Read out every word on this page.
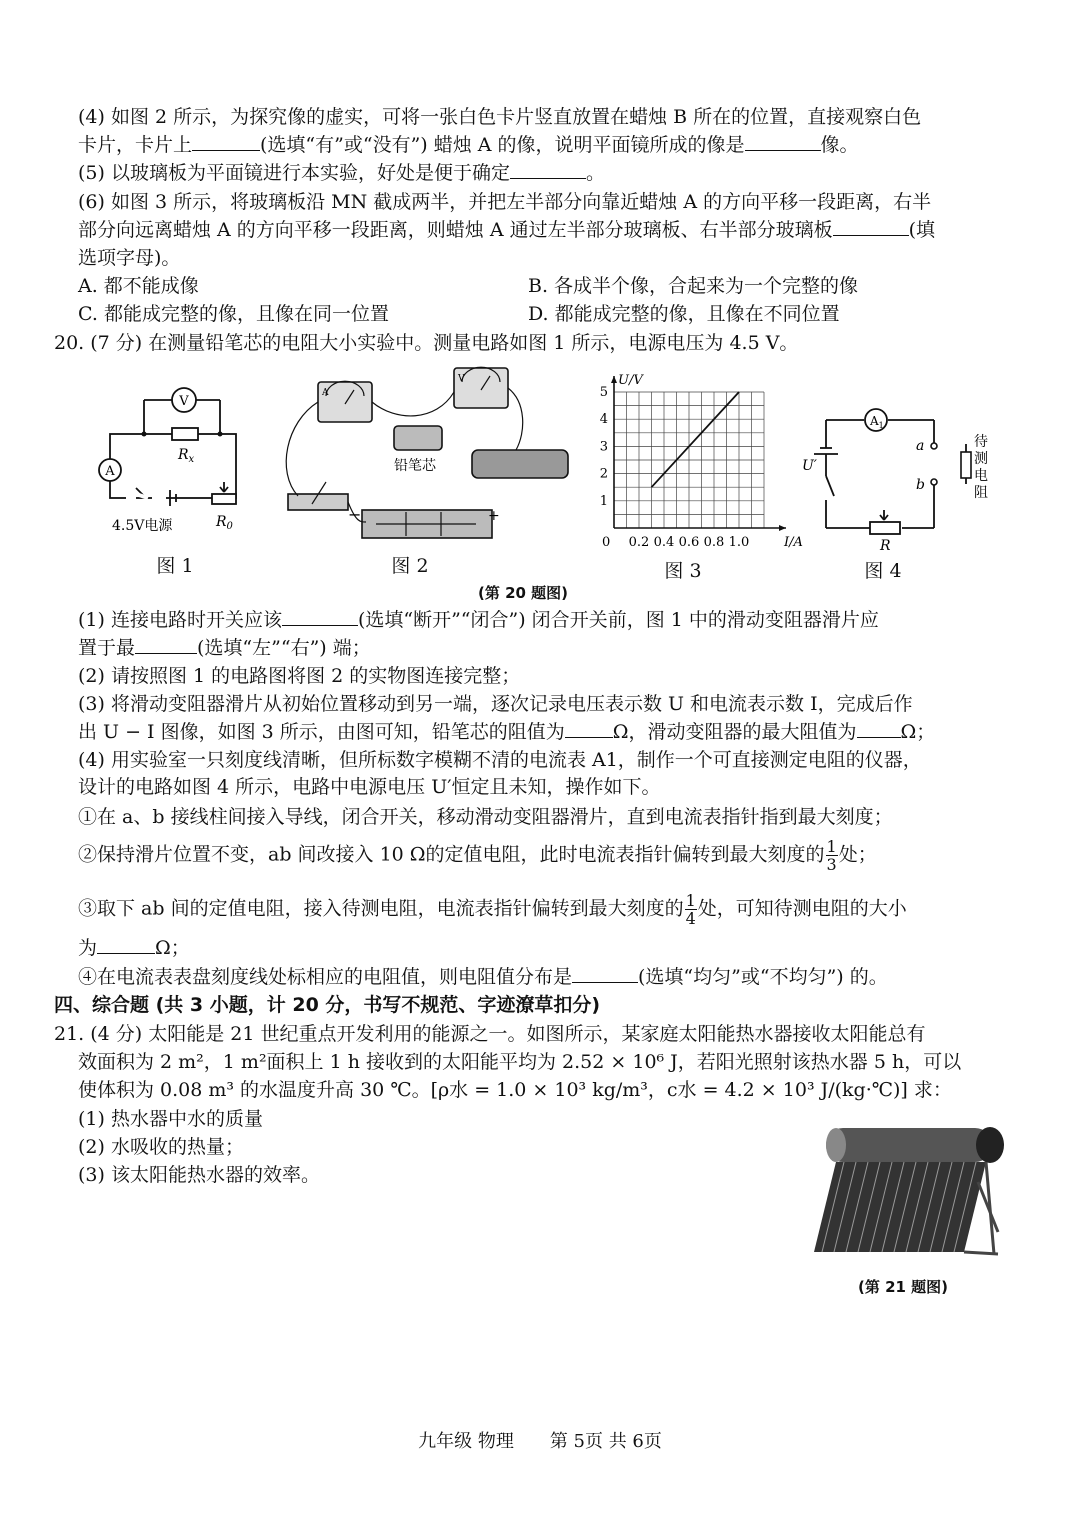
(4) 如图 2 所示，为探究像的虚实，可将一张白色卡片竖直放置在蜡烛 B 所在的位置，直接观察白色
卡片，卡片上	(选填“有”或“没有”) 蜡烛 A 的像，说明平面镜所成的像是	像。
(5) 以玻璃板为平面镜进行本实验，好处是便于确定	。
(6) 如图 3 所示，将玻璃板沿 MN 截成两半，并把左半部分向靠近蜡烛 A 的方向平移一段距离，右半
部分向远离蜡烛 A 的方向平移一段距离，则蜡烛 A 通过左半部分玻璃板、右半部分玻璃板	(填
选项字母)。
A. 都不能成像	B. 各成半个像，合起来为一个完整的像
C. 都能成完整的像，且像在同一位置	D. 都能成完整的像，且像在不同位置
20. (7 分) 在测量铅笔芯的电阻大小实验中。测量电路如图 1 所示，电源电压为 4.5 V。
V
A
$R_x$
4.5V电源	$R_0$
图 1
A
V
铅笔芯
−	+
图 2
0 0.2 0.4 0.6 0.8 1.0
1
2
3
4
5
I/A
U/V
图 3
$A_1$
a
b
U′
R
待测电阻
图 4
(第 20 题图)
(1) 连接电路时开关应该	(选填“断开”“闭合”) 闭合开关前，图 1 中的滑动变阻器滑片应
置于最	(选填“左”“右”) 端；
(2) 请按照图 1 的电路图将图 2 的实物图连接完整；
(3) 将滑动变阻器滑片从初始位置移动到另一端，逐次记录电压表示数 U 和电流表示数 I，完成后作
出 U − I 图像，如图 3 所示，由图可知，铅笔芯的阻值为	Ω，滑动变阻器的最大阻值为 Ω；
(4) 用实验室一只刻度线清晰，但所标数字模糊不清的电流表 A1，制作一个可直接测定电阻的仪器，
设计的电路如图 4 所示，电路中电源电压 U′恒定且未知，操作如下。
①在 a、b 接线柱间接入导线，闭合开关，移动滑动变阻器滑片，直到电流表指针指到最大刻度；
②保持滑片位置不变，ab 间改接入 10 Ω的定值电阻，此时电流表指针偏转到最大刻度的 $\frac{1}{3}$ 处；
③取下 ab 间的定值电阻，接入待测电阻，电流表指针偏转到最大刻度的 $\frac{1}{4}$ 处，可知待测电阻的大小
为	Ω；
④在电流表表盘刻度线处标相应的电阻值，则电阻值分布是	(选填“均匀”或“不均匀”) 的。
四、综合题 (共 3 小题，计 20 分，书写不规范、字迹潦草扣分)
21. (4 分) 太阳能是 21 世纪重点开发利用的能源之一。如图所示，某家庭太阳能热水器接收太阳能总有
效面积为 2 m²，1 m²面积上 1 h 接收到的太阳能平均为 2.52 × 10⁶ J，若阳光照射该热水器 5 h，可以
使体积为 0.08 m³ 的水温度升高 30 ℃。[ρ水 = 1.0 × 10³ kg/m³，c水 = 4.2 × 10³ J/(kg·℃)] 求：
(1) 热水器中水的质量
(2) 水吸收的热量；
(3) 该太阳能热水器的效率。
(第 21 题图)
九年级 物理　　第 5页 共 6页
